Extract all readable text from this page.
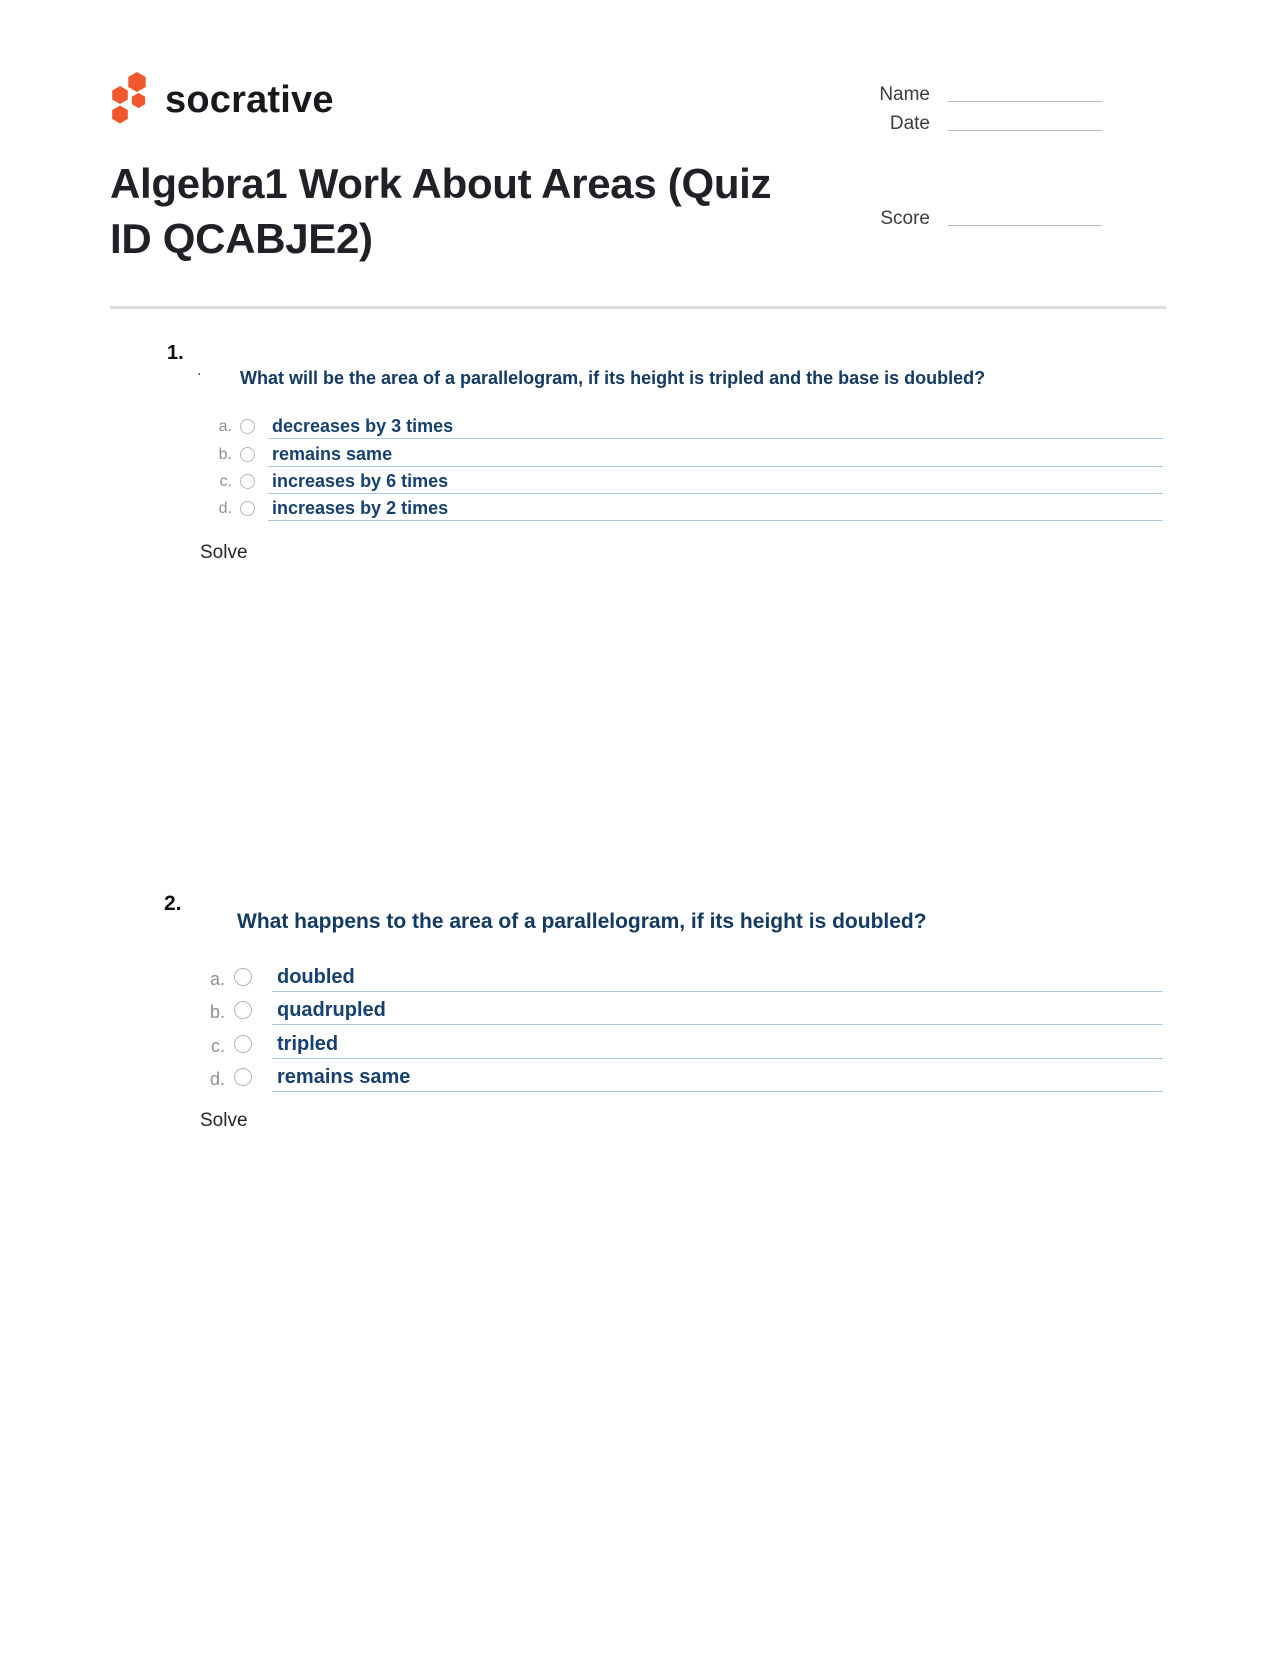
socrative	Name
Date
Score
Algebra1 Work About Areas (Quiz
ID QCABJE2)
1.
. What will be the area of a parallelogram, if its height is tripled and the base is doubled?
a. decreases by 3 times
b. remains same
c. increases by 6 times
d. increases by 2 times
Solve
2.
What happens to the area of a parallelogram, if its height is doubled?
a.	doubled
b.	quadrupled
c.	tripled
d.	remains same
Solve
